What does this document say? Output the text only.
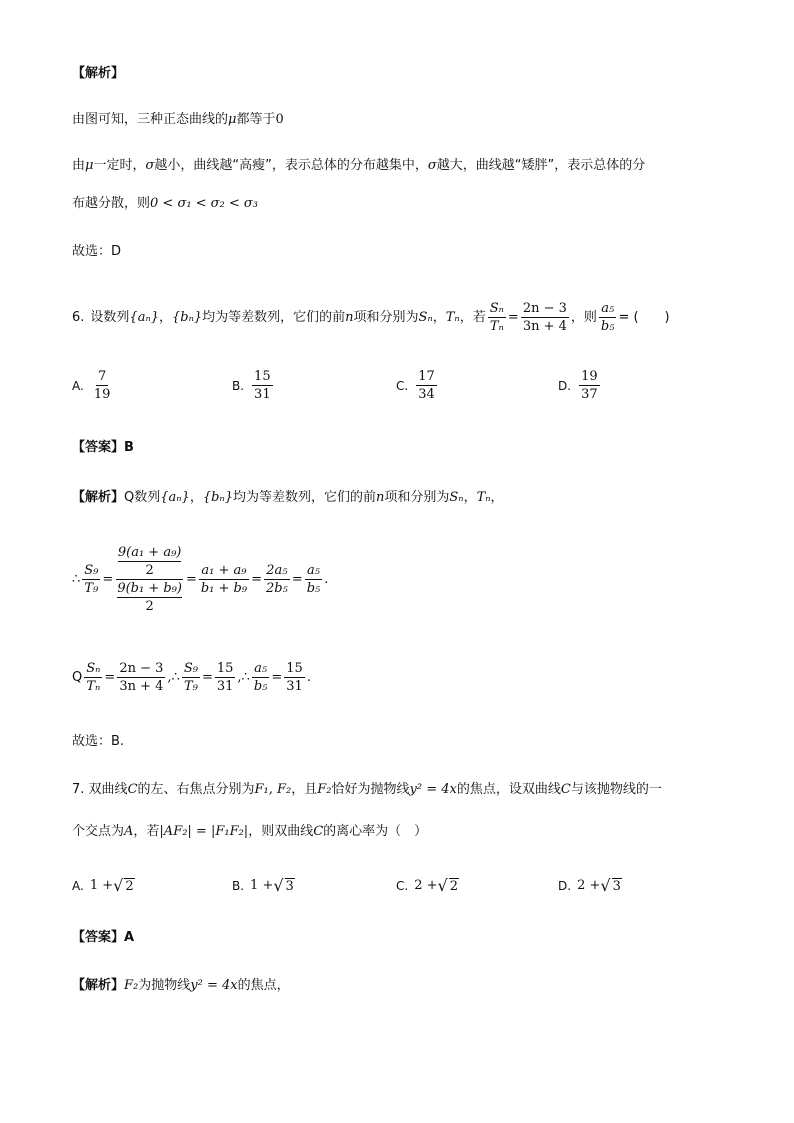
【解析】
由图可知，三种正态曲线的μ都等于0
由μ一定时，σ越小，曲线越“高瘦”，表示总体的分布越集中，σ越大，曲线越“矮胖”，表示总体的分
布越分散，则0 < σ₁ < σ₂ < σ₃
故选：D
6. 设数列 {aₙ} ， {bₙ} 均为等差数列，它们的前 n 项和分别为 Sₙ ， Tₙ ，若 $\frac{\text{Sₙ}}{\text{Tₙ}} = \frac{2n - 3}{3n + 4}$ ，则 $\frac{\text{a₅}}{\text{b₅}}$ = (　　)
A. $\frac{7}{19}$	B. $\frac{15}{31}$	C. $\frac{17}{34}$	D. $\frac{19}{37}$
【答案】B
【解析】Q数列{aₙ}，{bₙ}均为等差数列，它们的前n项和分别为Sₙ，Tₙ，
∴ $\frac{\text{S₉}}{\text{T₉}} = 9(a_1 + a_9)$
2
9(b₁ + b₉)
$2 = \frac{\text{a₁ + a₉}}{\text{b₁ + b₉}} = \frac{\text{2a₅}}{\text{2b₅}} = \frac{\text{a₅}}{\text{b₅}}$ .
Q $\frac{\text{Sₙ}}{\text{Tₙ}} = \frac{2n - 3}{3n + 4}$ , ∴ $\frac{\text{S₉}}{\text{T₉}} = \frac{15}{31}$ , ∴ $\frac{\text{a₅}}{\text{b₅}} = \frac{15}{31}$ .
故选：B.
7. 双曲线C的左、右焦点分别为F₁, F₂，且F₂恰好为抛物线y² = 4x的焦点，设双曲线C与该抛物线的一
个交点为A，若|AF₂| = |F₁F₂|，则双曲线C的离心率为（　）
A. 1 + √ 2	B. 1 + √ 3	C. 2 + √ 2	D. 2 + √ 3
【答案】A
【解析】F₂为抛物线y² = 4x的焦点，
